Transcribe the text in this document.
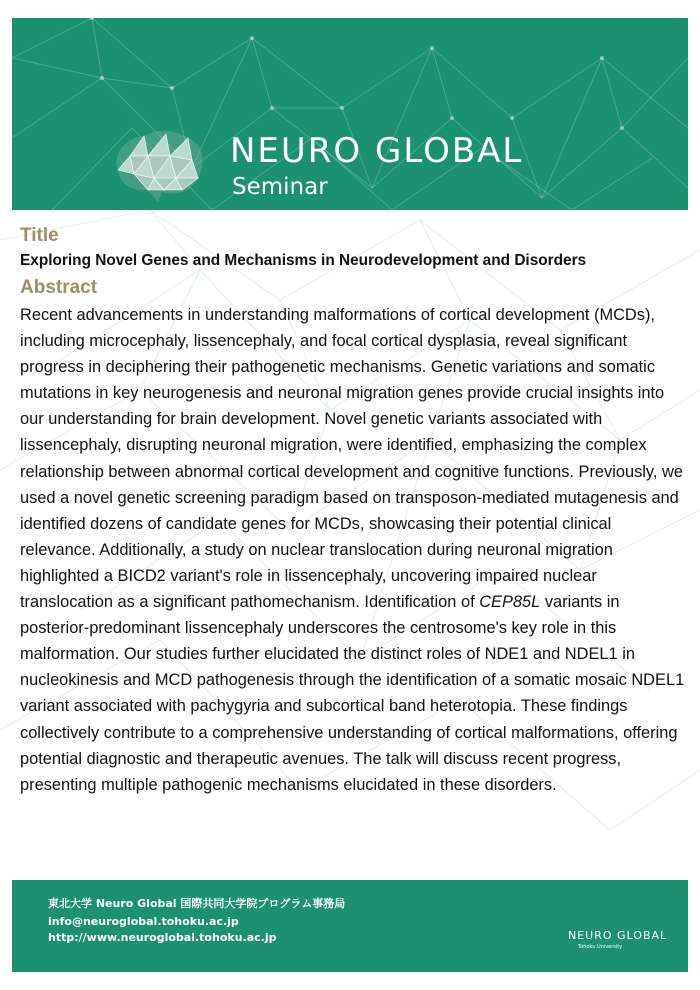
NEURO GLOBAL
Seminar
Title
Exploring Novel Genes and Mechanisms in Neurodevelopment and Disorders
Abstract

Recent advancements in understanding malformations of cortical development (MCDs), including microcephaly, lissencephaly, and focal cortical dysplasia, reveal significant progress in deciphering their pathogenetic mechanisms. Genetic variations and somatic mutations in key neurogenesis and neuronal migration genes provide crucial insights into our understanding for brain development. Novel genetic variants associated with lissencephaly, disrupting neuronal migration, were identified, emphasizing the complex relationship between abnormal cortical development and cognitive functions. Previously, we used a novel genetic screening paradigm based on transposon-mediated mutagenesis and identified dozens of candidate genes for MCDs, showcasing their potential clinical relevance. Additionally, a study on nuclear translocation during neuronal migration highlighted a BICD2 variant's role in lissencephaly, uncovering impaired nuclear translocation as a significant pathomechanism. Identification of CEP85L variants in posterior-predominant lissencephaly underscores the centrosome's key role in this malformation. Our studies further elucidated the distinct roles of NDE1 and NDEL1 in nucleokinesis and MCD pathogenesis through the identification of a somatic mosaic NDEL1 variant associated with pachygyria and subcortical band heterotopia. These findings collectively contribute to a comprehensive understanding of cortical malformations, offering potential diagnostic and therapeutic avenues. The talk will discuss recent progress, presenting multiple pathogenic mechanisms elucidated in these disorders.

東北大学 Neuro Global 国際共同大学院プログラム事務局
info@neuroglobal.tohoku.ac.jp
http://www.neuroglobal.tohoku.ac.jp	NEURO GLOBAL
Tohoku University
